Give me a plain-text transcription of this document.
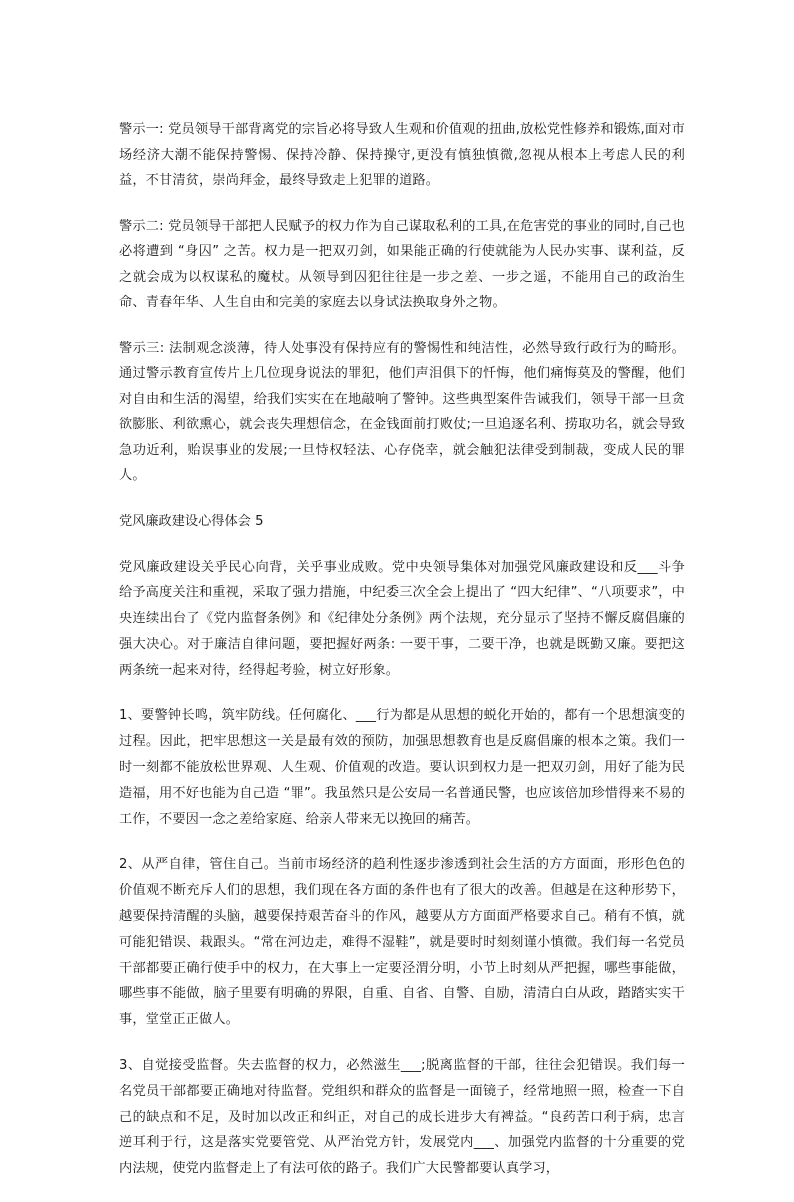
警示一: 党员领导干部背离党的宗旨必将导致人生观和价值观的扭曲,放松党性修养和锻炼,面对市场经济大潮不能保持警惕、保持冷静、保持操守,更没有慎独慎微,忽视从根本上考虑人民的利益，不甘清贫，崇尚拜金，最终导致走上犯罪的道路。

警示二: 党员领导干部把人民赋予的权力作为自己谋取私利的工具,在危害党的事业的同时,自己也必将遭到 “身囚” 之苦。权力是一把双刃剑，如果能正确的行使就能为人民办实事、谋利益，反之就会成为以权谋私的魔杖。从领导到囚犯往往是一步之差、一步之遥，不能用自己的政治生命、青春年华、人生自由和完美的家庭去以身试法换取身外之物。

警示三: 法制观念淡薄，待人处事没有保持应有的警惕性和纯洁性，必然导致行政行为的畸形。通过警示教育宣传片上几位现身说法的罪犯，他们声泪俱下的忏悔，他们痛悔莫及的警醒，他们对自由和生活的渴望，给我们实实在在地敲响了警钟。这些典型案件告诫我们，领导干部一旦贪欲膨胀、利欲熏心，就会丧失理想信念，在金钱面前打败仗;一旦追逐名利、捞取功名，就会导致急功近利，贻误事业的发展;一旦恃权轻法、心存侥幸，就会触犯法律受到制裁，变成人民的罪人。

党风廉政建设心得体会 5

党风廉政建设关乎民心向背，关乎事业成败。党中央领导集体对加强党风廉政建设和反___斗争给予高度关注和重视，采取了强力措施，中纪委三次全会上提出了 “四大纪律”、“八项要求”，中央连续出台了《党内监督条例》和《纪律处分条例》两个法规，充分显示了坚持不懈反腐倡廉的强大决心。对于廉洁自律问题，要把握好两条: 一要干事，二要干净，也就是既勤又廉。要把这两条统一起来对待，经得起考验，树立好形象。

1、要警钟长鸣，筑牢防线。任何腐化、___行为都是从思想的蜕化开始的，都有一个思想演变的过程。因此，把牢思想这一关是最有效的预防，加强思想教育也是反腐倡廉的根本之策。我们一时一刻都不能放松世界观、人生观、价值观的改造。要认识到权力是一把双刃剑，用好了能为民造福，用不好也能为自己造 “罪”。我虽然只是公安局一名普通民警，也应该倍加珍惜得来不易的工作，不要因一念之差给家庭、给亲人带来无以挽回的痛苦。

2、从严自律，管住自己。当前市场经济的趋利性逐步渗透到社会生活的方方面面，形形色色的价值观不断充斥人们的思想，我们现在各方面的条件也有了很大的改善。但越是在这种形势下，越要保持清醒的头脑，越要保持艰苦奋斗的作风，越要从方方面面严格要求自己。稍有不慎，就可能犯错误、栽跟头。“常在河边走，难得不湿鞋”，就是要时时刻刻谨小慎微。我们每一名党员干部都要正确行使手中的权力，在大事上一定要泾渭分明，小节上时刻从严把握，哪些事能做，哪些事不能做，脑子里要有明确的界限，自重、自省、自警、自励，清清白白从政，踏踏实实干事，堂堂正正做人。

3、自觉接受监督。失去监督的权力，必然滋生___;脱离监督的干部，往往会犯错误。我们每一名党员干部都要正确地对待监督。党组织和群众的监督是一面镜子，经常地照一照，检查一下自己的缺点和不足，及时加以改正和纠正，对自己的成长进步大有裨益。“良药苦口利于病，忠言逆耳利于行，这是落实党要管党、从严治党方针，发展党内___、加强党内监督的十分重要的党内法规，使党内监督走上了有法可依的路子。我们广大民警都要认真学习，
